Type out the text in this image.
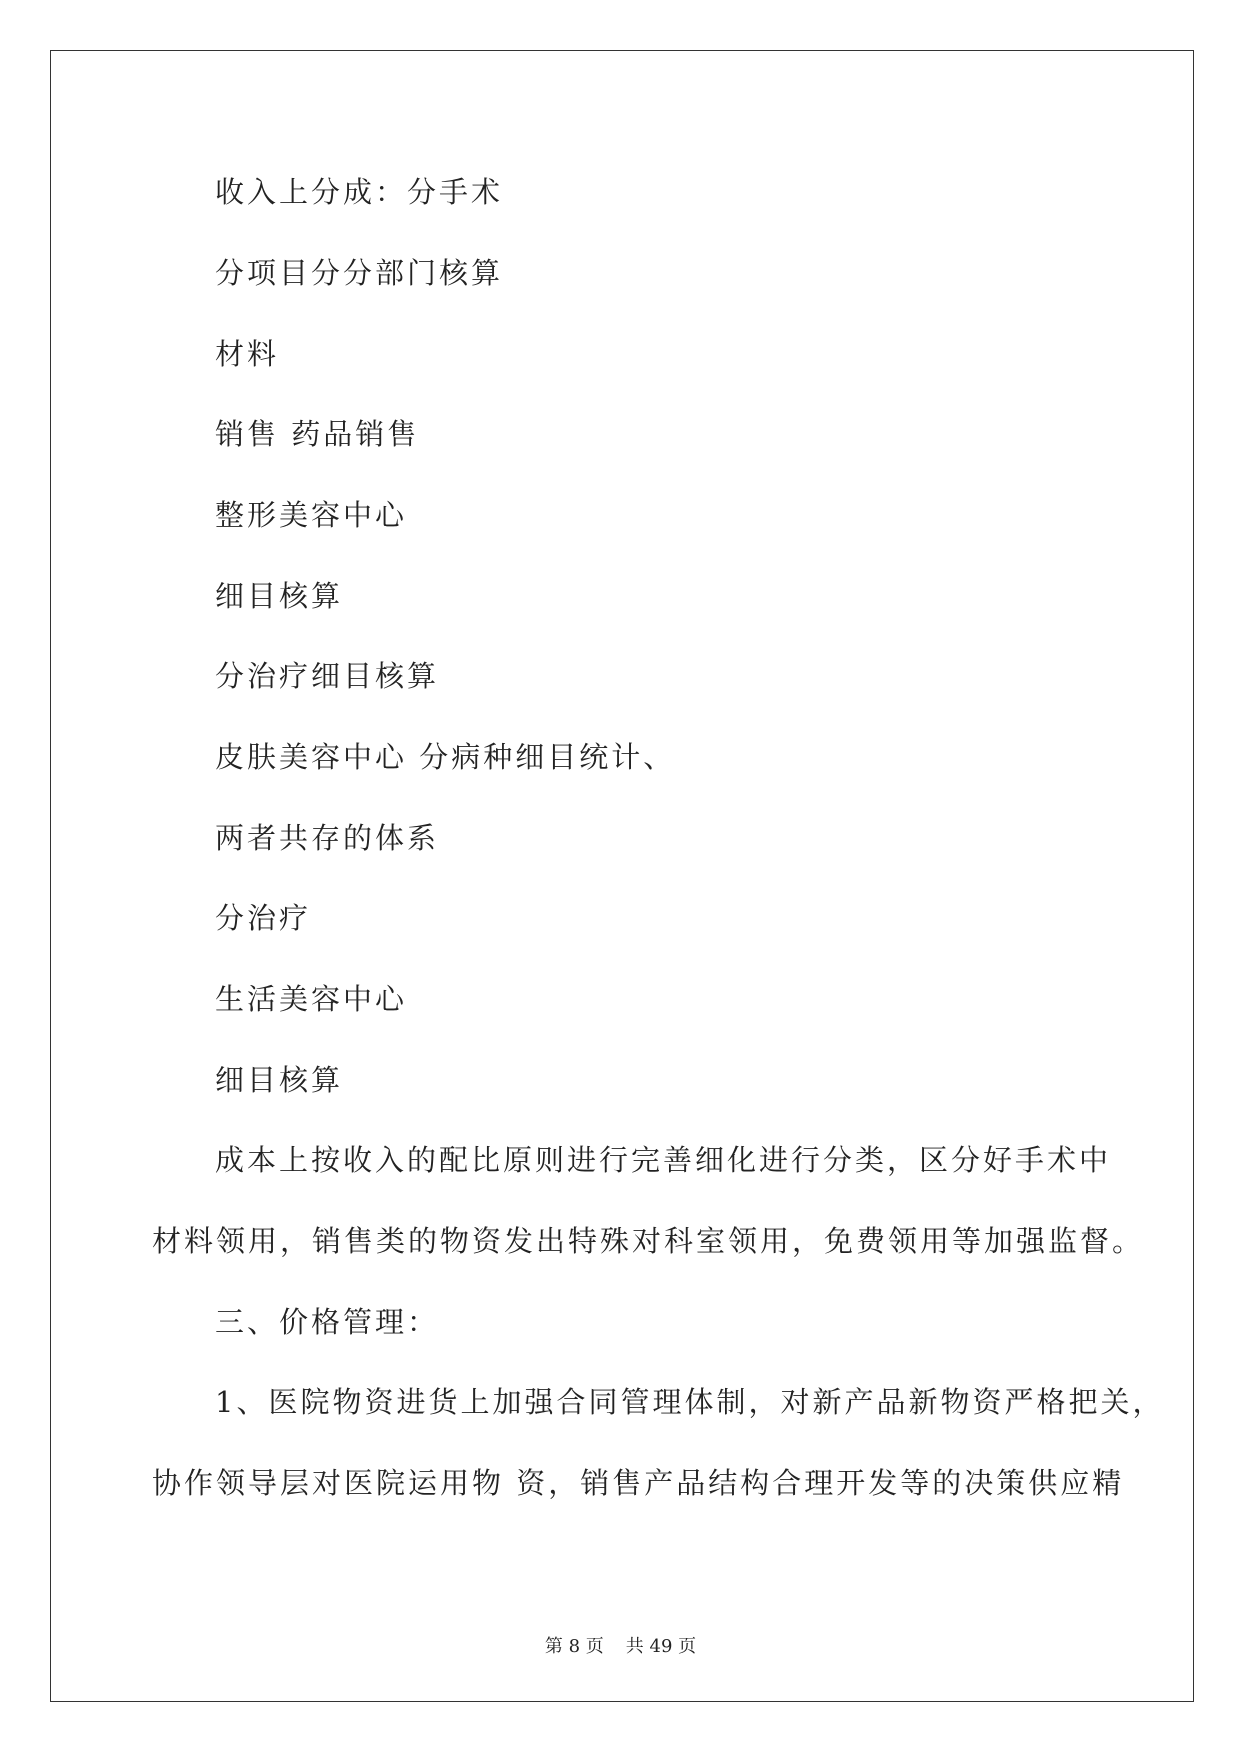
收入上分成：分手术
分项目分分部门核算
材料
销售 药品销售
整形美容中心
细目核算
分治疗细目核算
皮肤美容中心 分病种细目统计、
两者共存的体系
分治疗
生活美容中心
细目核算
成本上按收入的配比原则进行完善细化进行分类，区分好手术中
材料领用，销售类的物资发出特殊对科室领用，免费领用等加强监督。
三、价格管理：
1、医院物资进货上加强合同管理体制，对新产品新物资严格把关，
协作领导层对医院运用物 资，销售产品结构合理开发等的决策供应精
第 8 页 共 49 页
